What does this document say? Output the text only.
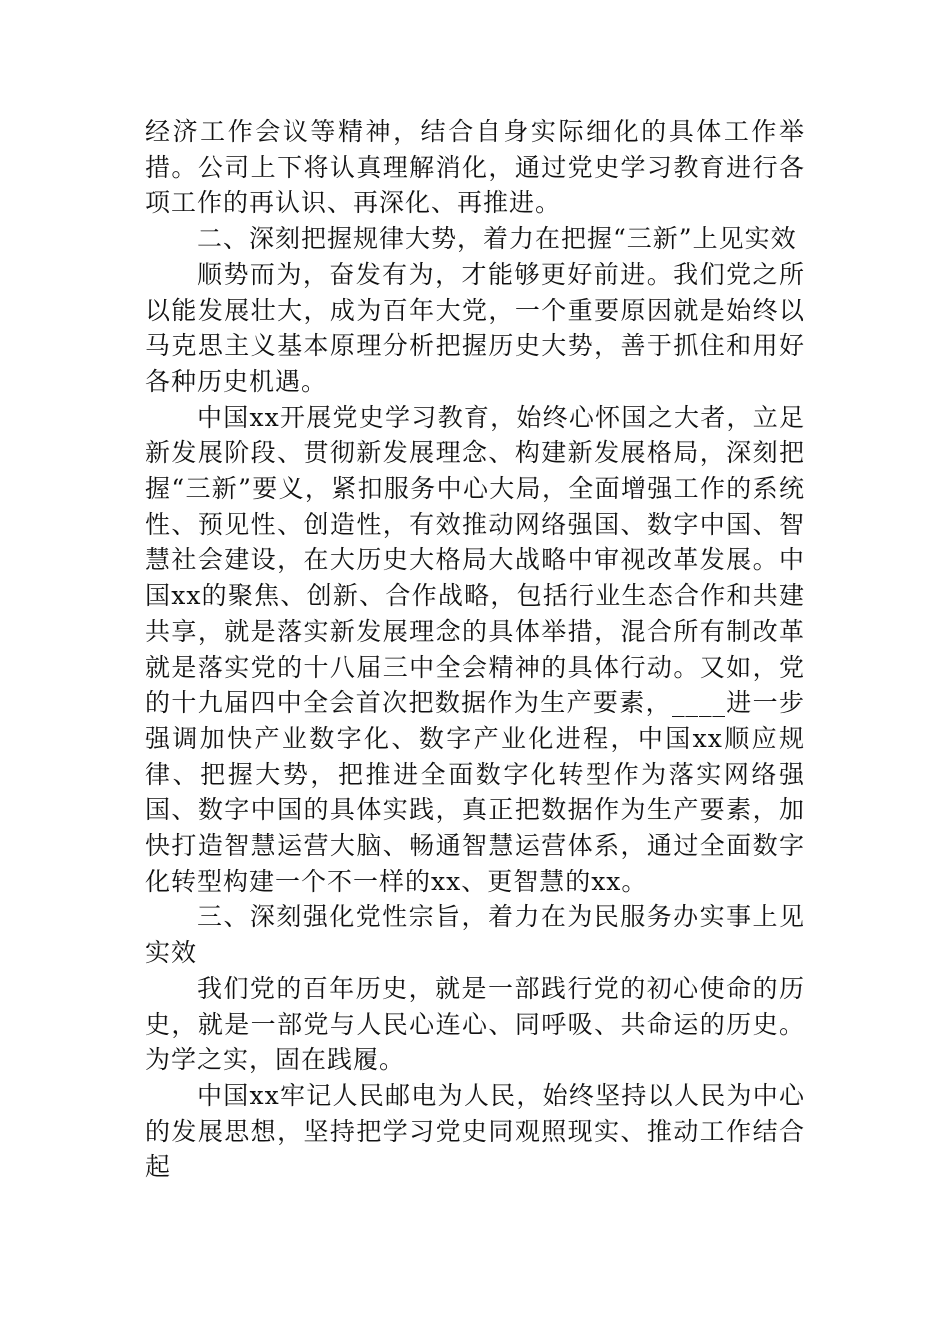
经济工作会议等精神，结合自身实际细化的具体工作举措。公司上下将认真理解消化，通过党史学习教育进行各项工作的再认识、再深化、再推进。

二、深刻把握规律大势，着力在把握“三新”上见实效

顺势而为，奋发有为，才能够更好前进。我们党之所以能发展壮大，成为百年大党，一个重要原因就是始终以马克思主义基本原理分析把握历史大势，善于抓住和用好各种历史机遇。

中国xx开展党史学习教育，始终心怀国之大者，立足新发展阶段、贯彻新发展理念、构建新发展格局，深刻把握“三新”要义，紧扣服务中心大局，全面增强工作的系统性、预见性、创造性，有效推动网络强国、数字中国、智慧社会建设，在大历史大格局大战略中审视改革发展。中国xx的聚焦、创新、合作战略，包括行业生态合作和共建共享，就是落实新发展理念的具体举措，混合所有制改革就是落实党的十八届三中全会精神的具体行动。又如，党的十九届四中全会首次把数据作为生产要素，____进一步强调加快产业数字化、数字产业化进程，中国xx顺应规律、把握大势，把推进全面数字化转型作为落实网络强国、数字中国的具体实践，真正把数据作为生产要素，加快打造智慧运营大脑、畅通智慧运营体系，通过全面数字化转型构建一个不一样的xx、更智慧的xx。

三、深刻强化党性宗旨，着力在为民服务办实事上见实效

我们党的百年历史，就是一部践行党的初心使命的历史，就是一部党与人民心连心、同呼吸、共命运的历史。为学之实，固在践履。

中国xx牢记人民邮电为人民，始终坚持以人民为中心的发展思想，坚持把学习党史同观照现实、推动工作结合起
